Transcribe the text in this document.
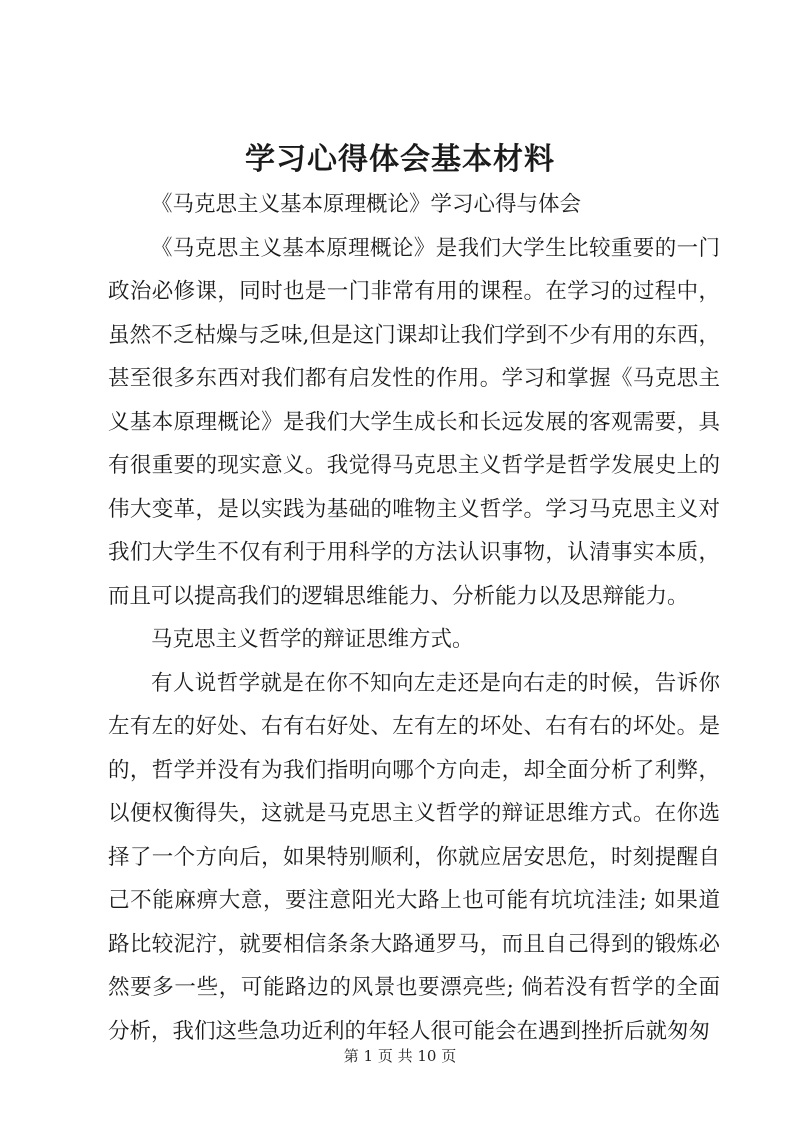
学习心得体会基本材料

《马克思主义基本原理概论》学习心得与体会

《马克思主义基本原理概论》是我们大学生比较重要的一门政治必修课，同时也是一门非常有用的课程。在学习的过程中，虽然不乏枯燥与乏味,但是这门课却让我们学到不少有用的东西，甚至很多东西对我们都有启发性的作用。学习和掌握《马克思主义基本原理概论》是我们大学生成长和长远发展的客观需要，具有很重要的现实意义。我觉得马克思主义哲学是哲学发展史上的伟大变革，是以实践为基础的唯物主义哲学。学习马克思主义对我们大学生不仅有利于用科学的方法认识事物，认清事实本质，而且可以提高我们的逻辑思维能力、分析能力以及思辩能力。

马克思主义哲学的辩证思维方式。

有人说哲学就是在你不知向左走还是向右走的时候，告诉你左有左的好处、右有右好处、左有左的坏处、右有右的坏处。是的，哲学并没有为我们指明向哪个方向走，却全面分析了利弊，以便权衡得失，这就是马克思主义哲学的辩证思维方式。在你选择了一个方向后，如果特别顺利，你就应居安思危，时刻提醒自己不能麻痹大意，要注意阳光大路上也可能有坑坑洼洼; 如果道路比较泥泞，就要相信条条大路通罗马，而且自己得到的锻炼必然要多一些，可能路边的风景也要漂亮些; 倘若没有哲学的全面分析，我们这些急功近利的年轻人很可能会在遇到挫折后就匆匆

第 1 页 共 10 页
